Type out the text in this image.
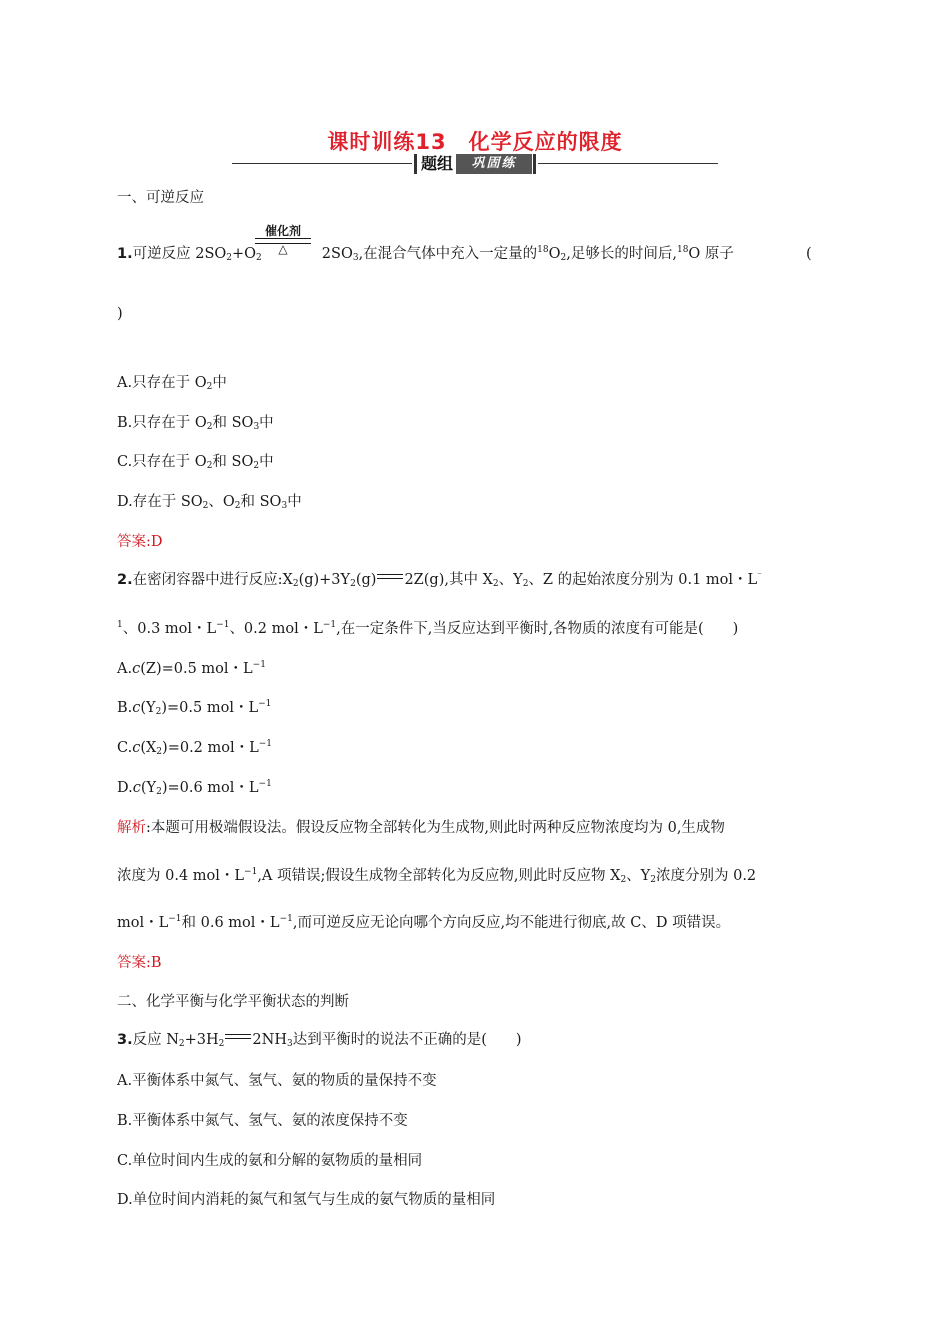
课时训练13　化学反应的限度
题组	巩固练
一、可逆反应
催化剂
△
1.可逆反应 $2SO_2+O_2$	$2SO_3$,在混合气体中充入一定量的$^{18}O_2$,足够长的时间后,$^{18}$O 原子	(
)
A.只存在于 $O_2$中
B.只存在于 $O_2$和 $SO_3$中
C.只存在于 $O_2$和 $SO_2$中
D.存在于 $SO_2$、$O_2$和 $SO_3$中
答案:D
2.在密闭容器中进行反应$:X_2(g)+3Y_2(g)$ 2Z(g),其中 $X_2$、$Y_2$、Z 的起始浓度分别为 0.1 mol・L⁻
$^1$、0.3 mol・$L^{-1}$、0.2 mol・$L^{-1}$,在一定条件下,当反应达到平衡时,各物质的浓度有可能是(　　)
A.c(Z)=0.5 mol・$L^{-1}$
$B.c(Y_2)=0.5$ mol・$L^{-1}$
$C.c(X_2)=0.2$ mol・$L^{-1}$
$D.c(Y_2)=0.6$ mol・$L^{-1}$
解析:本题可用极端假设法。假设反应物全部转化为生成物,则此时两种反应物浓度均为 0,生成物
浓度为 0.4 mol・$L^{-1},A$ 项错误;假设生成物全部转化为反应物,则此时反应物 $X_2$、$Y_2$浓度分别为 0.2
mol・$L^{-1}$和 0.6 mol・$L^{-1}$,而可逆反应无论向哪个方向反应,均不能进行彻底,故 C、D 项错误。
答案:B
二、化学平衡与化学平衡状态的判断
3.反应 $N_2+3H_2$ $2NH_3$达到平衡时的说法不正确的是(　　)
A.平衡体系中氮气、氢气、氨的物质的量保持不变
B.平衡体系中氮气、氢气、氨的浓度保持不变
C.单位时间内生成的氨和分解的氨物质的量相同
D.单位时间内消耗的氮气和氢气与生成的氨气物质的量相同
